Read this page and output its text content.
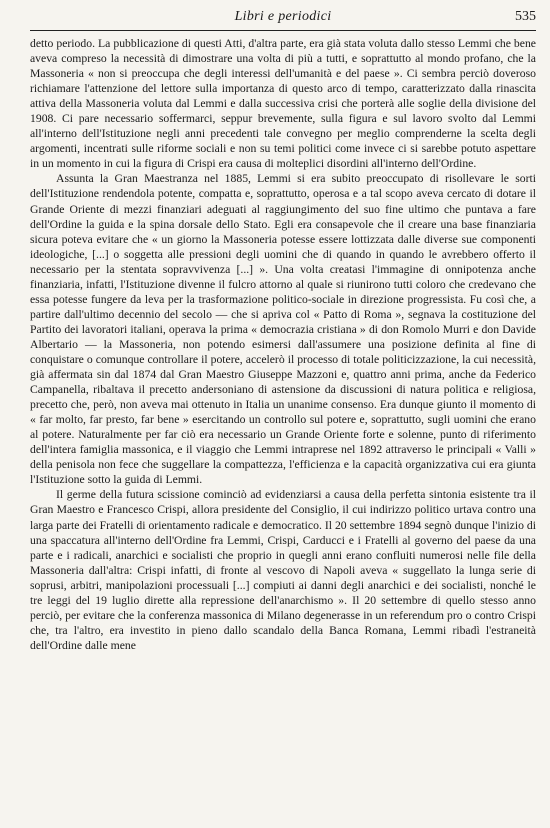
Libri e periodici	535

detto periodo. La pubblicazione di questi Atti, d'altra parte, era già stata voluta dallo stesso Lemmi che bene aveva compreso la necessità di dimostrare una volta di più a tutti, e soprattutto al mondo profano, che la Massoneria « non si preoccupa che degli interessi dell'umanità e del paese ». Ci sembra perciò doveroso richiamare l'attenzione del lettore sulla importanza di questo arco di tempo, caratterizzato dalla rinascita attiva della Massoneria voluta dal Lemmi e dalla successiva crisi che porterà alle soglie della divisione del 1908. Ci pare necessario soffermarci, seppur brevemente, sulla figura e sul lavoro svolto dal Lemmi all'interno dell'Istituzione negli anni precedenti tale convegno per meglio comprenderne la scelta degli argomenti, incentrati sulle riforme sociali e non su temi politici come invece ci si sarebbe potuto aspettare in un momento in cui la figura di Crispi era causa di molteplici disordini all'interno dell'Ordine.

Assunta la Gran Maestranza nel 1885, Lemmi si era subito preoccupato di risollevare le sorti dell'Istituzione rendendola potente, compatta e, soprattutto, operosa e a tal scopo aveva cercato di dotare il Grande Oriente di mezzi finanziari adeguati al raggiungimento del suo fine ultimo che puntava a fare dell'Ordine la guida e la spina dorsale dello Stato. Egli era consapevole che il creare una base finanziaria sicura poteva evitare che « un giorno la Massoneria potesse essere lottizzata dalle diverse sue componenti ideologiche, [...] o soggetta alle pressioni degli uomini che di quando in quando le avrebbero offerto il necessario per la stentata sopravvivenza [...] ». Una volta creatasi l'immagine di onnipotenza anche finanziaria, infatti, l'Istituzione divenne il fulcro attorno al quale si riunirono tutti coloro che credevano che essa potesse fungere da leva per la trasformazione politico-sociale in direzione progressista. Fu così che, a partire dall'ultimo decennio del secolo — che si apriva col « Patto di Roma », segnava la costituzione del Partito dei lavoratori italiani, operava la prima « democrazia cristiana » di don Romolo Murri e don Davide Albertario — la Massoneria, non potendo esimersi dall'assumere una posizione definita al fine di conquistare o comunque controllare il potere, accelerò il processo di totale politicizzazione, la cui necessità, già affermata sin dal 1874 dal Gran Maestro Giuseppe Mazzoni e, quattro anni prima, anche da Federico Campanella, ribaltava il precetto andersoniano di astensione da discussioni di natura politica e religiosa, precetto che, però, non aveva mai ottenuto in Italia un unanime consenso. Era dunque giunto il momento di « far molto, far presto, far bene » esercitando un controllo sul potere e, soprattutto, sugli uomini che erano al potere. Naturalmente per far ciò era necessario un Grande Oriente forte e solenne, punto di riferimento dell'intera famiglia massonica, e il viaggio che Lemmi intraprese nel 1892 attraverso le principali « Valli » della penisola non fece che suggellare la compattezza, l'efficienza e la capacità organizzativa cui era giunta l'Istituzione sotto la guida di Lemmi.

Il germe della futura scissione cominciò ad evidenziarsi a causa della perfetta sintonia esistente tra il Gran Maestro e Francesco Crispi, allora presidente del Consiglio, il cui indirizzo politico urtava contro una larga parte dei Fratelli di orientamento radicale e democratico. Il 20 settembre 1894 segnò dunque l'inizio di una spaccatura all'interno dell'Ordine fra Lemmi, Crispi, Carducci e i Fratelli al governo del paese da una parte e i radicali, anarchici e socialisti che proprio in quegli anni erano confluiti numerosi nelle file della Massoneria dall'altra: Crispi infatti, di fronte al vescovo di Napoli aveva « suggellato la lunga serie di soprusi, arbitri, manipolazioni processuali [...] compiuti ai danni degli anarchici e dei socialisti, nonché le tre leggi del 19 luglio dirette alla repressione dell'anarchismo ». Il 20 settembre di quello stesso anno perciò, per evitare che la conferenza massonica di Milano degenerasse in un referendum pro o contro Crispi che, tra l'altro, era investito in pieno dallo scandalo della Banca Romana, Lemmi ribadì l'estraneità dell'Ordine dalle mene
